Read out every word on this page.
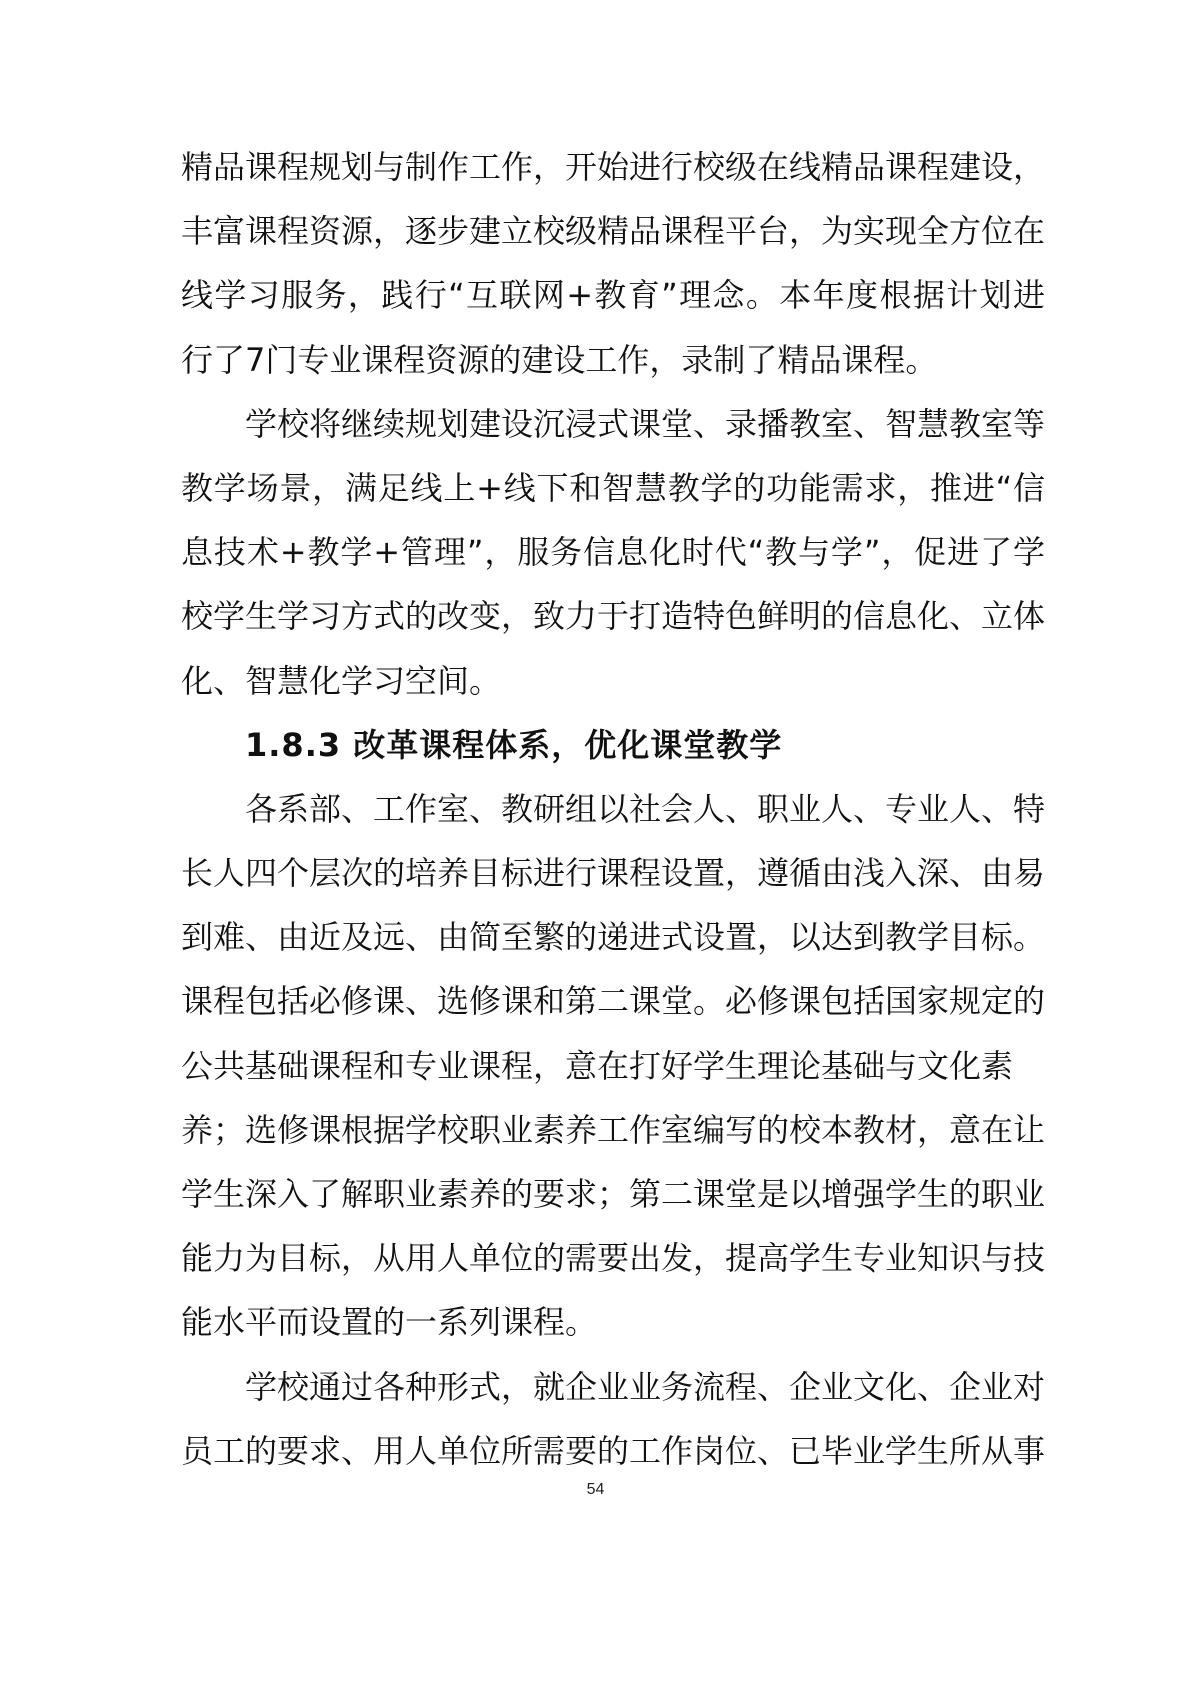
精品课程规划与制作工作，开始进行校级在线精品课程建设，
丰富课程资源，逐步建立校级精品课程平台，为实现全方位在
线学习服务，践行“互联网+教育”理念。本年度根据计划进
行了7门专业课程资源的建设工作，录制了精品课程。
学校将继续规划建设沉浸式课堂、录播教室、智慧教室等
教学场景，满足线上+线下和智慧教学的功能需求，推进“信
息技术+教学+管理”，服务信息化时代“教与学”，促进了学
校学生学习方式的改变，致力于打造特色鲜明的信息化、立体
化、智慧化学习空间。
1.8.3 改革课程体系，优化课堂教学
各系部、工作室、教研组以社会人、职业人、专业人、特
长人四个层次的培养目标进行课程设置，遵循由浅入深、由易
到难、由近及远、由简至繁的递进式设置，以达到教学目标。
课程包括必修课、选修课和第二课堂。必修课包括国家规定的
公共基础课程和专业课程，意在打好学生理论基础与文化素
养；选修课根据学校职业素养工作室编写的校本教材，意在让
学生深入了解职业素养的要求；第二课堂是以增强学生的职业
能力为目标，从用人单位的需要出发，提高学生专业知识与技
能水平而设置的一系列课程。
学校通过各种形式，就企业业务流程、企业文化、企业对
员工的要求、用人单位所需要的工作岗位、已毕业学生所从事
54
